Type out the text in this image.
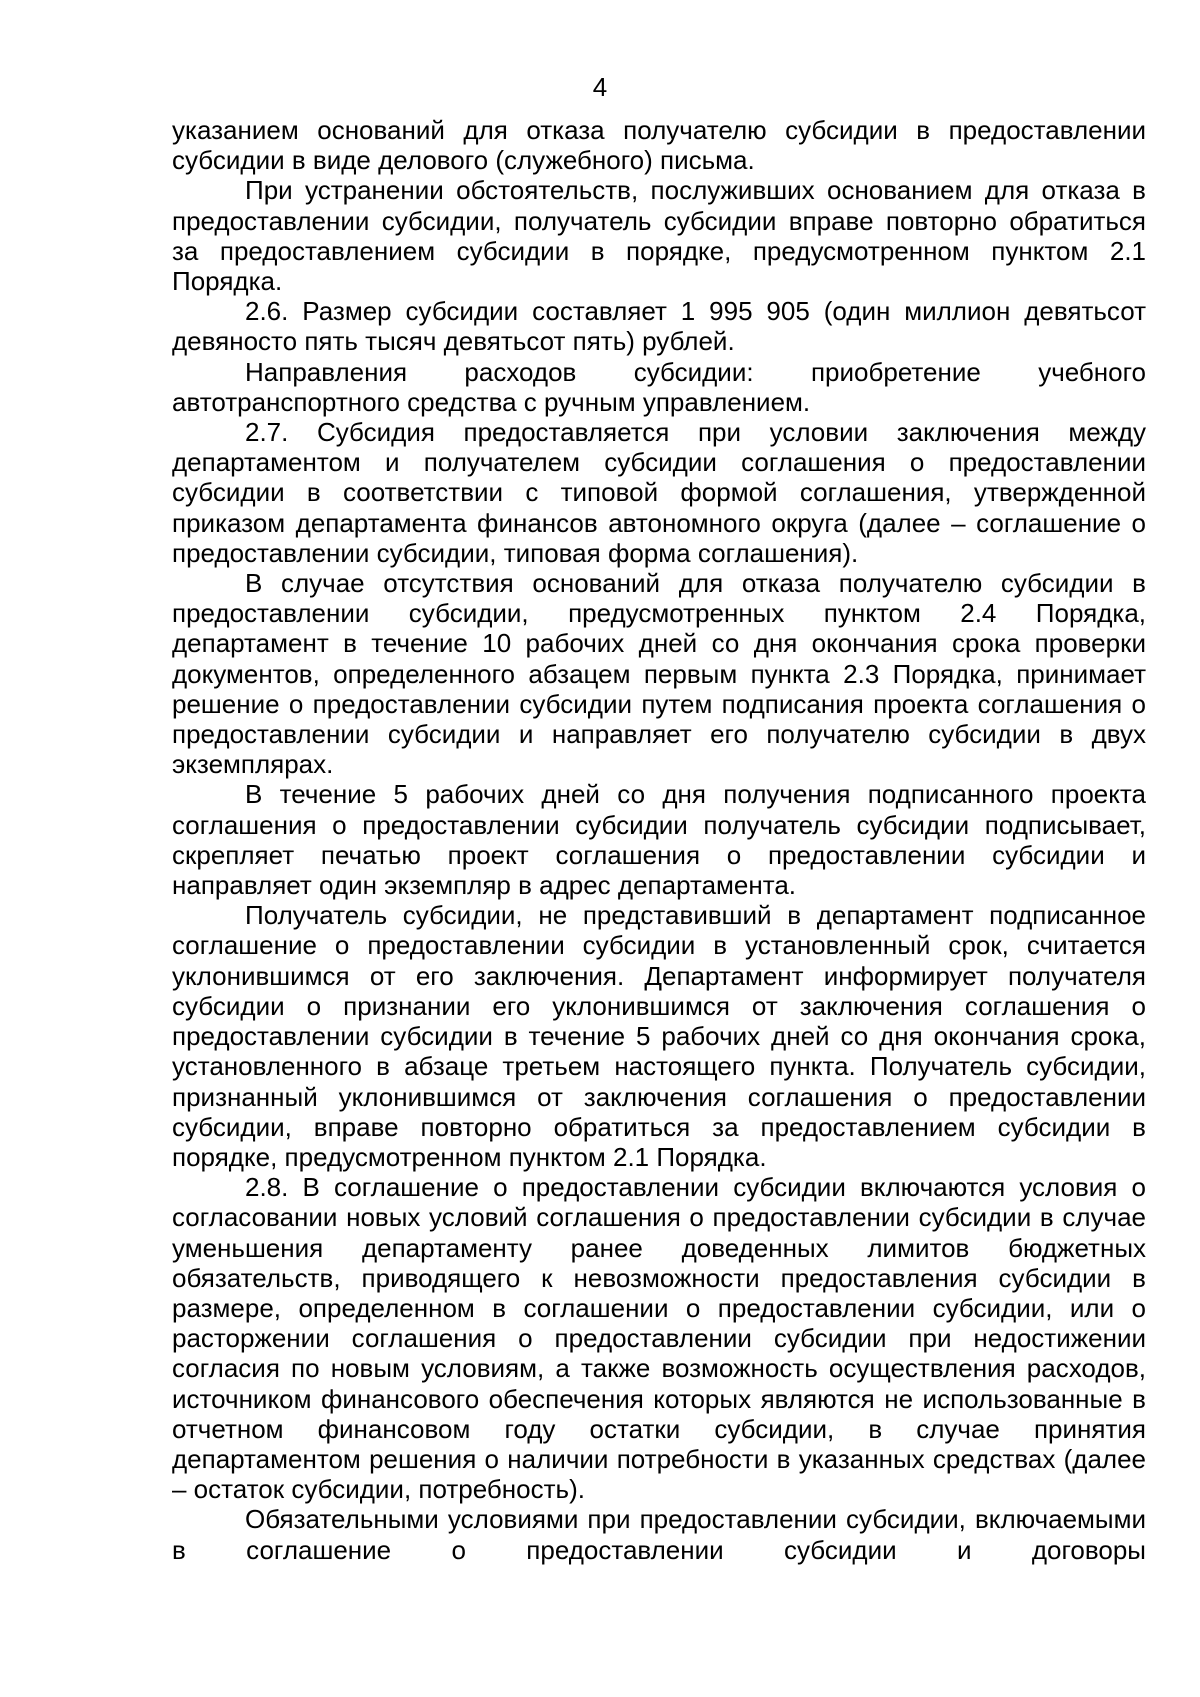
4

указанием оснований для отказа получателю субсидии в предоставлении субсидии в виде делового (служебного) письма.

При устранении обстоятельств, послуживших основанием для отказа в предоставлении субсидии, получатель субсидии вправе повторно обратиться за предоставлением субсидии в порядке, предусмотренном пунктом 2.1 Порядка.

2.6. Размер субсидии составляет 1 995 905 (один миллион девятьсот девяносто пять тысяч девятьсот пять) рублей.

Направления расходов субсидии: приобретение учебного автотранспортного средства с ручным управлением.

2.7. Субсидия предоставляется при условии заключения между департаментом и получателем субсидии соглашения о предоставлении субсидии в соответствии с типовой формой соглашения, утвержденной приказом департамента финансов автономного округа (далее – соглашение о предоставлении субсидии, типовая форма соглашения).

В случае отсутствия оснований для отказа получателю субсидии в предоставлении субсидии, предусмотренных пунктом 2.4 Порядка, департамент в течение 10 рабочих дней со дня окончания срока проверки документов, определенного абзацем первым пункта 2.3 Порядка, принимает решение о предоставлении субсидии путем подписания проекта соглашения о предоставлении субсидии и направляет его получателю субсидии в двух экземплярах.

В течение 5 рабочих дней со дня получения подписанного проекта соглашения о предоставлении субсидии получатель субсидии подписывает, скрепляет печатью проект соглашения о предоставлении субсидии и направляет один экземпляр в адрес департамента.

Получатель субсидии, не представивший в департамент подписанное соглашение о предоставлении субсидии в установленный срок, считается уклонившимся от его заключения. Департамент информирует получателя субсидии о признании его уклонившимся от заключения соглашения о предоставлении субсидии в течение 5 рабочих дней со дня окончания срока, установленного в абзаце третьем настоящего пункта. Получатель субсидии, признанный уклонившимся от заключения соглашения о предоставлении субсидии, вправе повторно обратиться за предоставлением субсидии в порядке, предусмотренном пунктом 2.1 Порядка.

2.8. В соглашение о предоставлении субсидии включаются условия о согласовании новых условий соглашения о предоставлении субсидии в случае уменьшения департаменту ранее доведенных лимитов бюджетных обязательств, приводящего к невозможности предоставления субсидии в размере, определенном в соглашении о предоставлении субсидии, или о расторжении соглашения о предоставлении субсидии при недостижении согласия по новым условиям, а также возможность осуществления расходов, источником финансового обеспечения которых являются не использованные в отчетном финансовом году остатки субсидии, в случае принятия департаментом решения о наличии потребности в указанных средствах (далее – остаток субсидии, потребность).

Обязательными условиями при предоставлении субсидии, включаемыми в соглашение о предоставлении субсидии и договоры
